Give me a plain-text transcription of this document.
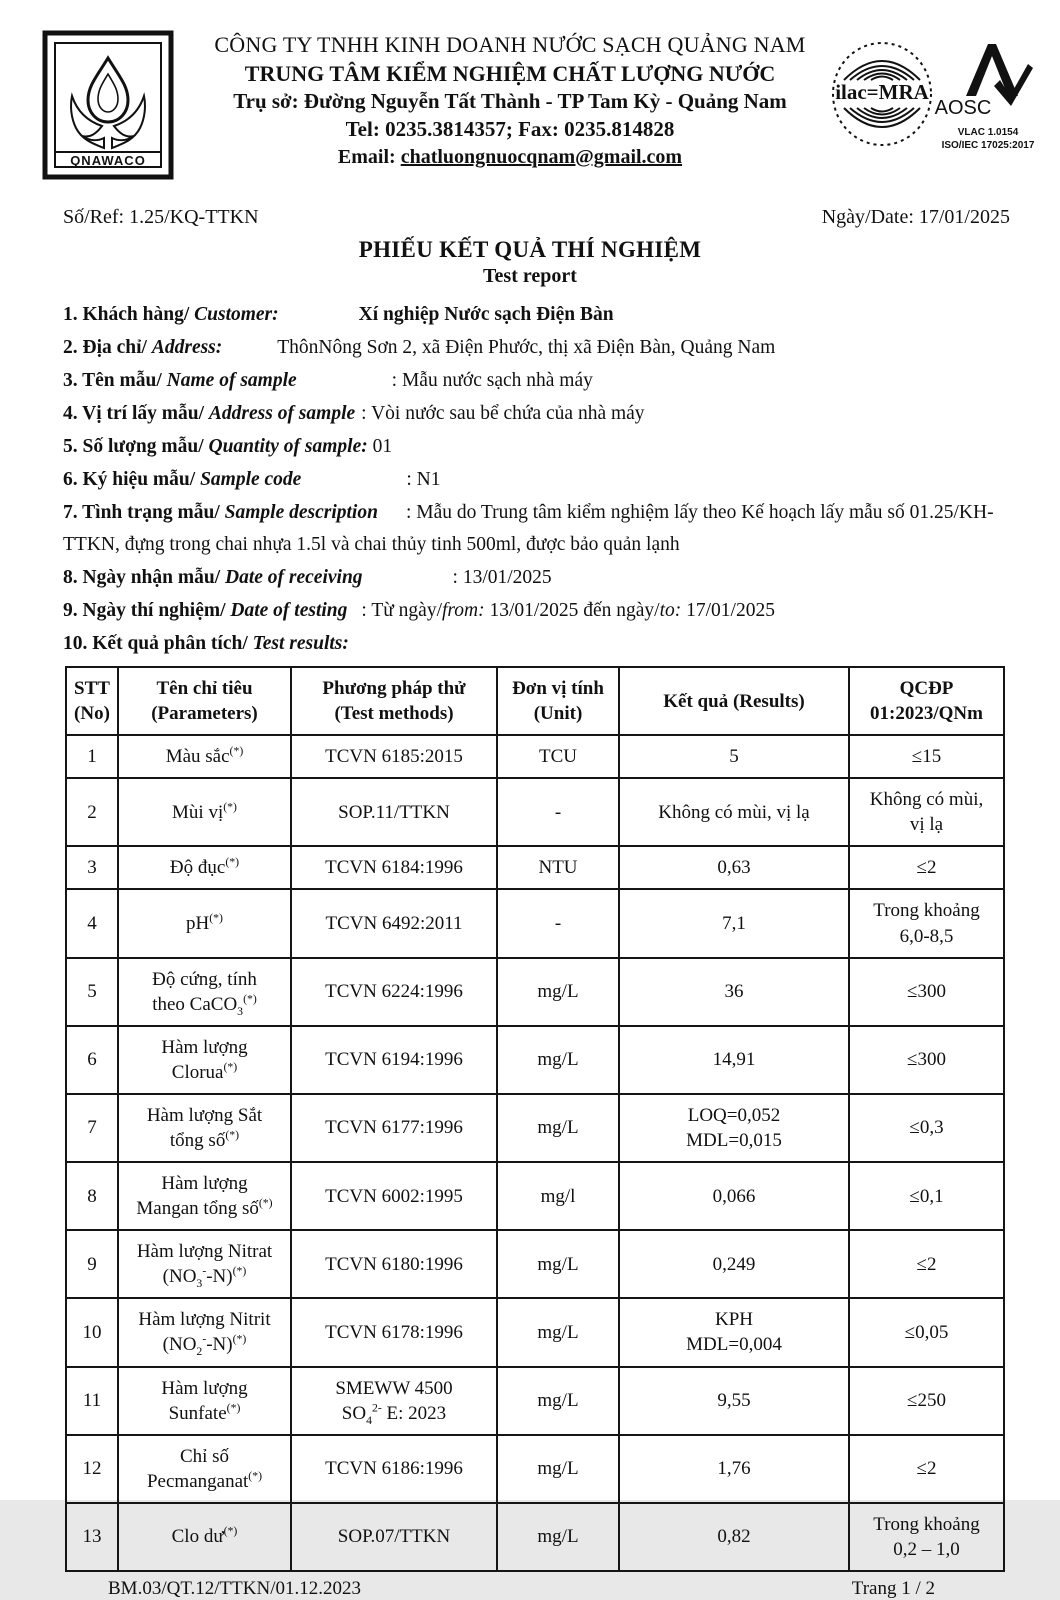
QNAWACO
CÔNG TY TNHH KINH DOANH NƯỚC SẠCH QUẢNG NAM
TRUNG TÂM KIỂM NGHIỆM CHẤT LƯỢNG NƯỚC
Trụ sở: Đường Nguyễn Tất Thành - TP Tam Kỳ - Quảng Nam
Tel: 0235.3814357; Fax: 0235.814828
Email: chatluongnuocqnam@gmail.com
ilac=MRA
AOSC
VLAC 1.0154
ISO/IEC 17025:2017
Số/Ref: 1.25/KQ-TTKN	Ngày/Date: 17/01/2025
PHIẾU KẾT QUẢ THÍ NGHIỆM
Test report
1. Khách hàng/ Customer:	Xí nghiệp Nước sạch Điện Bàn
2. Địa chỉ/ Address:	ThônNông Sơn 2, xã Điện Phước, thị xã Điện Bàn, Quảng Nam
3. Tên mẫu/ Name of sample	: Mẫu nước sạch nhà máy
4. Vị trí lấy mẫu/ Address of sample : Vòi nước sau bể chứa của nhà máy
5. Số lượng mẫu/ Quantity of sample: 01
6. Ký hiệu mẫu/ Sample code	: N1
7. Tình trạng mẫu/ Sample description : Mẫu do Trung tâm kiểm nghiệm lấy theo Kế hoạch lấy mẫu số 01.25/KH-TTKN, đựng trong chai nhựa 1.5l và chai thủy tinh 500ml, được bảo quản lạnh
8. Ngày nhận mẫu/ Date of receiving	: 13/01/2025
9. Ngày thí nghiệm/ Date of testing : Từ ngày/from: 13/01/2025 đến ngày/to: 17/01/2025
10. Kết quả phân tích/ Test results:
STT
(No)	Tên chỉ tiêu
(Parameters)	Phương pháp thử
(Test methods)	Đơn vị tính
(Unit)	Kết quả (Results)	QCĐP
01:2023/QNm
1	Màu sắc(*)	TCVN 6185:2015	TCU	5	≤15
2	Mùi vị(*)	SOP.11/TTKN	-	Không có mùi, vị lạ	Không có mùi,
vị lạ
3	Độ đục(*)	TCVN 6184:1996	NTU	0,63	≤2
4	pH(*)	TCVN 6492:2011	-	7,1	Trong khoảng
6,0-8,5
5	Độ cứng, tính
theo CaCO$_3$(*)	TCVN 6224:1996	mg/L	36	≤300
6	Hàm lượng
Clorua(*)	TCVN 6194:1996	mg/L	14,91	≤300
7	Hàm lượng Sắt
tổng số(*)	TCVN 6177:1996	mg/L	LOQ=0,052
MDL=0,015	≤0,3
8	Hàm lượng
Mangan tổng số(*)	TCVN 6002:1995	mg/l	0,066	≤0,1
9	Hàm lượng Nitrat
$(NO_3^--N)^{(*)}$	TCVN 6180:1996	mg/L	0,249	≤2
10	Hàm lượng Nitrit
$(NO_2^--N)^{(*)}$	TCVN 6178:1996	mg/L	KPH
MDL=0,004	≤0,05
11	Hàm lượng
Sunfate(*)	SMEWW 4500
$SO_4^{2-}$ E: 2023	mg/L	9,55	≤250
12	Chỉ số
Pecmanganat(*)	TCVN 6186:1996	mg/L	1,76	≤2
13	Clo dư(*)	SOP.07/TTKN	mg/L	0,82	Trong khoảng
0,2 – 1,0
BM.03/QT.12/TTKN/01.12.2023	Trang 1 / 2
